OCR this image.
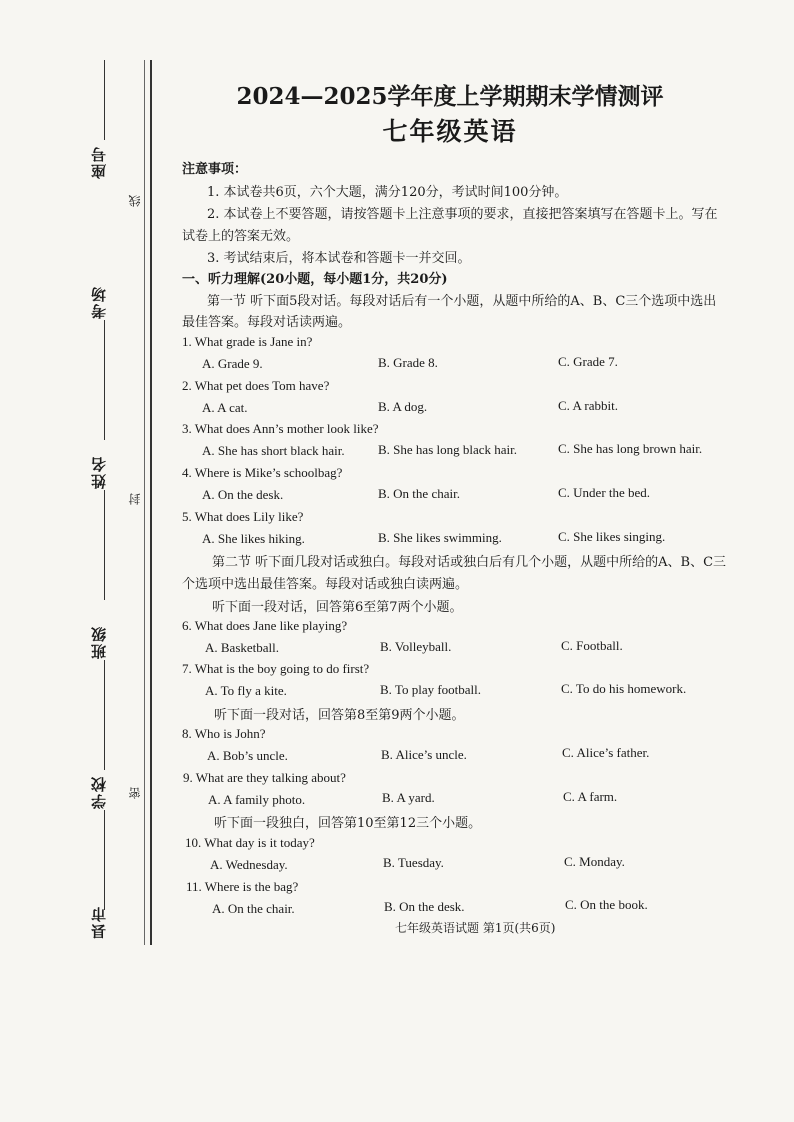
座号
考场
姓名
班级
学校
县市
线
封
密
2024—2025学年度上学期期末学情测评
七年级英语
注意事项：
1. 本试卷共6页，六个大题，满分120分，考试时间100分钟。
2. 本试卷上不要答题，请按答题卡上注意事项的要求，直接把答案填写在答题卡上。写在
试卷上的答案无效。
3. 考试结束后，将本试卷和答题卡一并交回。
一、听力理解(20小题，每小题1分，共20分)
第一节 听下面5段对话。每段对话后有一个小题，从题中所给的A、B、C三个选项中选出
最佳答案。每段对话读两遍。
1. What grade is Jane in?
A. Grade 9.	B. Grade 8.	C. Grade 7.
2. What pet does Tom have?
A. A cat.	B. A dog.	C. A rabbit.
3. What does Ann’s mother look like?
A. She has short black hair.	B. She has long black hair.	C. She has long brown hair.
4. Where is Mike’s schoolbag?
A. On the desk.	B. On the chair.	C. Under the bed.
5. What does Lily like?
A. She likes hiking.	B. She likes swimming.	C. She likes singing.
第二节 听下面几段对话或独白。每段对话或独白后有几个小题，从题中所给的A、B、C三
个选项中选出最佳答案。每段对话或独白读两遍。
听下面一段对话，回答第6至第7两个小题。
6. What does Jane like playing?
A. Basketball.	B. Volleyball.	C. Football.
7. What is the boy going to do first?
A. To fly a kite.	B. To play football.	C. To do his homework.
听下面一段对话，回答第8至第9两个小题。
8. Who is John?
A. Bob’s uncle.	B. Alice’s uncle.	C. Alice’s father.
9. What are they talking about?
A. A family photo.	B. A yard.	C. A farm.
听下面一段独白，回答第10至第12三个小题。
10. What day is it today?
A. Wednesday.	B. Tuesday.	C. Monday.
11. Where is the bag?
A. On the chair.	B. On the desk.	C. On the book.
七年级英语试题 第1页(共6页)
